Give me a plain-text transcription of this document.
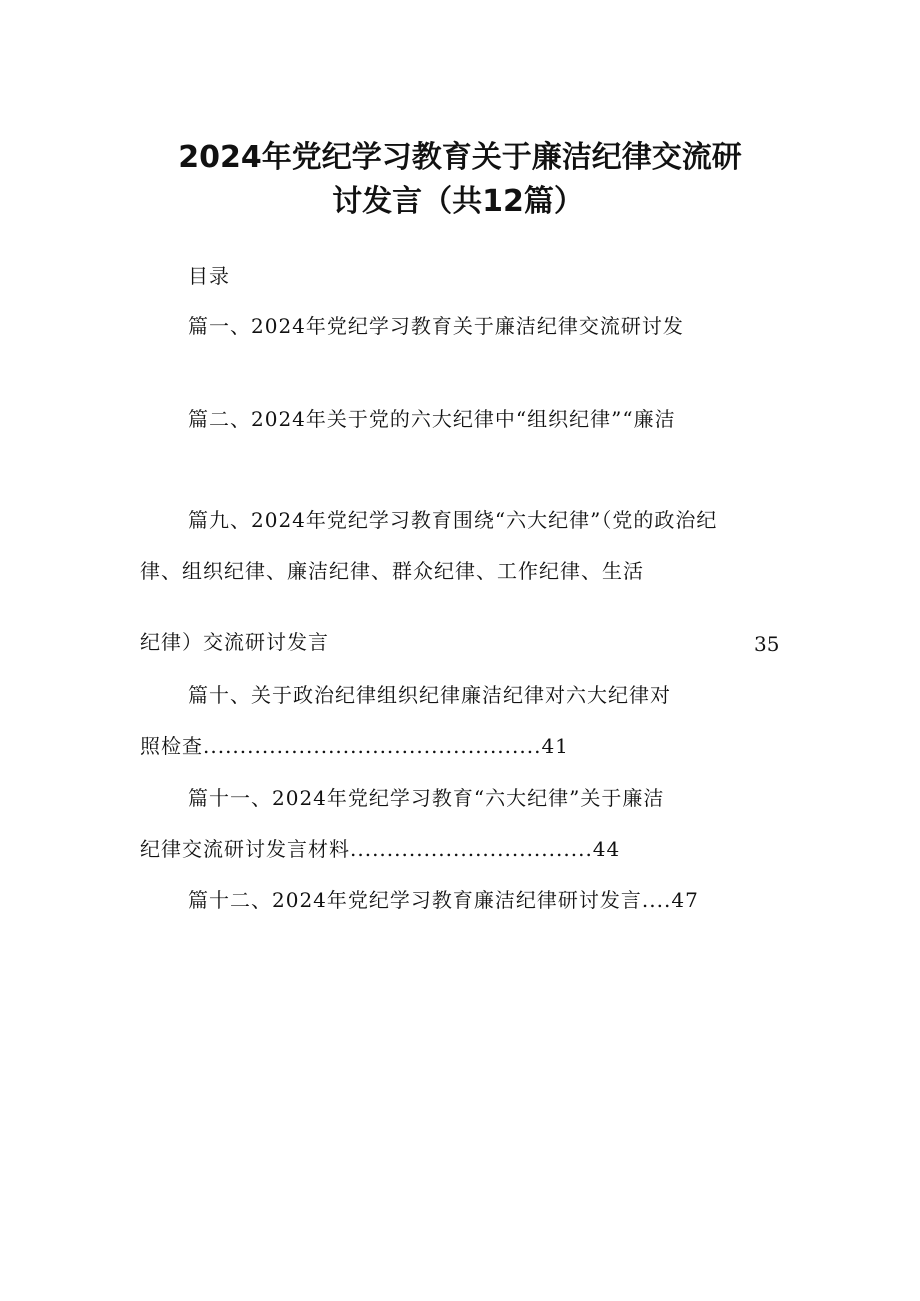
2024年党纪学习教育关于廉洁纪律交流研
讨发言（共12篇）
目录
篇一、2024年党纪学习教育关于廉洁纪律交流研讨发
篇二、2024年关于党的六大纪律中“组织纪律”“廉洁
篇九、2024年党纪学习教育围绕“六大纪律”（党的政治纪
律、组织纪律、廉洁纪律、群众纪律、工作纪律、生活
纪律）交流研讨发言	35
篇十、关于政治纪律组织纪律廉洁纪律对六大纪律对
照检查..............................................41
篇十一、2024年党纪学习教育“六大纪律”关于廉洁
纪律交流研讨发言材料.................................44
篇十二、2024年党纪学习教育廉洁纪律研讨发言....47
